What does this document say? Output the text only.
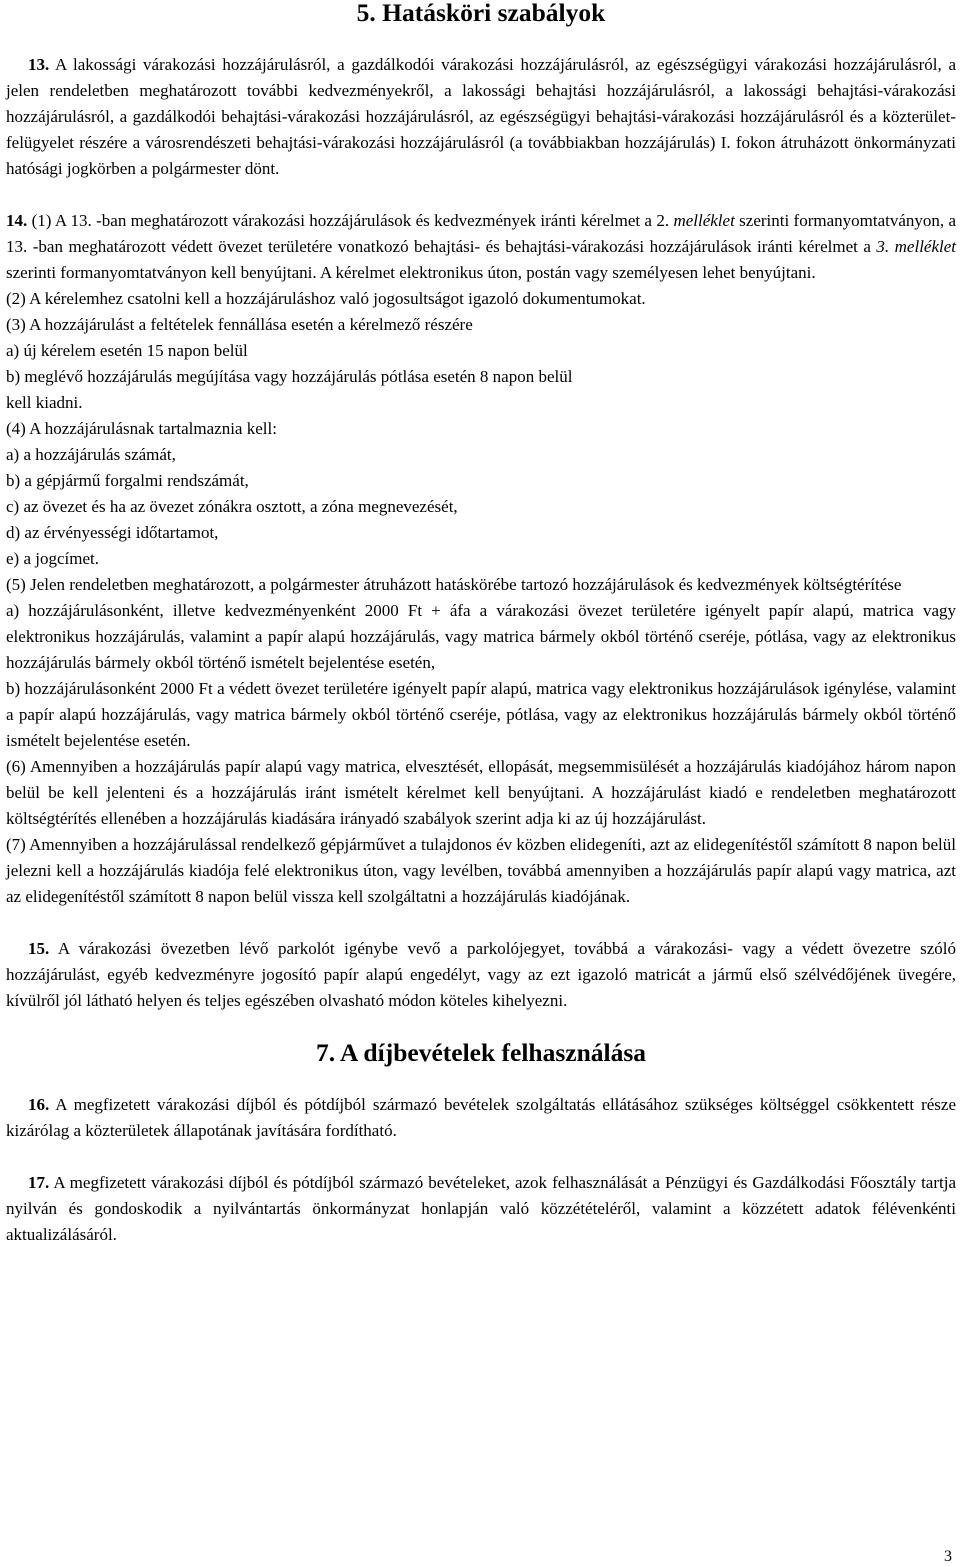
5. Hatásköri szabályok

13. A lakossági várakozási hozzájárulásról, a gazdálkodói várakozási hozzájárulásról, az egészségügyi várakozási hozzájárulásról, a jelen rendeletben meghatározott további kedvezményekről, a lakossági behajtási hozzájárulásról, a lakossági behajtási-várakozási hozzájárulásról, a gazdálkodói behajtási-várakozási hozzájárulásról, az egészségügyi behajtási-várakozási hozzájárulásról és a közterület-felügyelet részére a városrendészeti behajtási-várakozási hozzájárulásról (a továbbiakban hozzájárulás) I. fokon átruházott önkormányzati hatósági jogkörben a polgármester dönt.

14. (1) A 13. -ban meghatározott várakozási hozzájárulások és kedvezmények iránti kérelmet a 2. melléklet szerinti formanyomtatványon, a 13. -ban meghatározott védett övezet területére vonatkozó behajtási- és behajtási-várakozási hozzájárulások iránti kérelmet a 3. melléklet szerinti formanyomtatványon kell benyújtani. A kérelmet elektronikus úton, postán vagy személyesen lehet benyújtani.

(2) A kérelemhez csatolni kell a hozzájáruláshoz való jogosultságot igazoló dokumentumokat.

(3) A hozzájárulást a feltételek fennállása esetén a kérelmező részére

a) új kérelem esetén 15 napon belül

b) meglévő hozzájárulás megújítása vagy hozzájárulás pótlása esetén 8 napon belül

kell kiadni.

(4) A hozzájárulásnak tartalmaznia kell:

a) a hozzájárulás számát,

b) a gépjármű forgalmi rendszámát,

c) az övezet és ha az övezet zónákra osztott, a zóna megnevezését,

d) az érvényességi időtartamot,

e) a jogcímet.

(5) Jelen rendeletben meghatározott, a polgármester átruházott hatáskörébe tartozó hozzájárulások és kedvezmények költségtérítése

a) hozzájárulásonként, illetve kedvezményenként 2000 Ft + áfa a várakozási övezet területére igényelt papír alapú, matrica vagy elektronikus hozzájárulás, valamint a papír alapú hozzájárulás, vagy matrica bármely okból történő cseréje, pótlása, vagy az elektronikus hozzájárulás bármely okból történő ismételt bejelentése esetén,

b) hozzájárulásonként 2000 Ft a védett övezet területére igényelt papír alapú, matrica vagy elektronikus hozzájárulások igénylése, valamint a papír alapú hozzájárulás, vagy matrica bármely okból történő cseréje, pótlása, vagy az elektronikus hozzájárulás bármely okból történő ismételt bejelentése esetén.

(6) Amennyiben a hozzájárulás papír alapú vagy matrica, elvesztését, ellopását, megsemmisülését a hozzájárulás kiadójához három napon belül be kell jelenteni és a hozzájárulás iránt ismételt kérelmet kell benyújtani. A hozzájárulást kiadó e rendeletben meghatározott költségtérítés ellenében a hozzájárulás kiadására irányadó szabályok szerint adja ki az új hozzájárulást.

(7) Amennyiben a hozzájárulással rendelkező gépjárművet a tulajdonos év közben elidegeníti, azt az elidegenítéstől számított 8 napon belül jelezni kell a hozzájárulás kiadója felé elektronikus úton, vagy levélben, továbbá amennyiben a hozzájárulás papír alapú vagy matrica, azt az elidegenítéstől számított 8 napon belül vissza kell szolgáltatni a hozzájárulás kiadójának.

15. A várakozási övezetben lévő parkolót igénybe vevő a parkolójegyet, továbbá a várakozási- vagy a védett övezetre szóló hozzájárulást, egyéb kedvezményre jogosító papír alapú engedélyt, vagy az ezt igazoló matricát a jármű első szélvédőjének üvegére, kívülről jól látható helyen és teljes egészében olvasható módon köteles kihelyezni.

7. A díjbevételek felhasználása

16. A megfizetett várakozási díjból és pótdíjból származó bevételek szolgáltatás ellátásához szükséges költséggel csökkentett része kizárólag a közterületek állapotának javítására fordítható.

17. A megfizetett várakozási díjból és pótdíjból származó bevételeket, azok felhasználását a Pénzügyi és Gazdálkodási Főosztály tartja nyilván és gondoskodik a nyilvántartás önkormányzat honlapján való közzétételéről, valamint a közzétett adatok félévenkénti aktualizálásáról.

3
